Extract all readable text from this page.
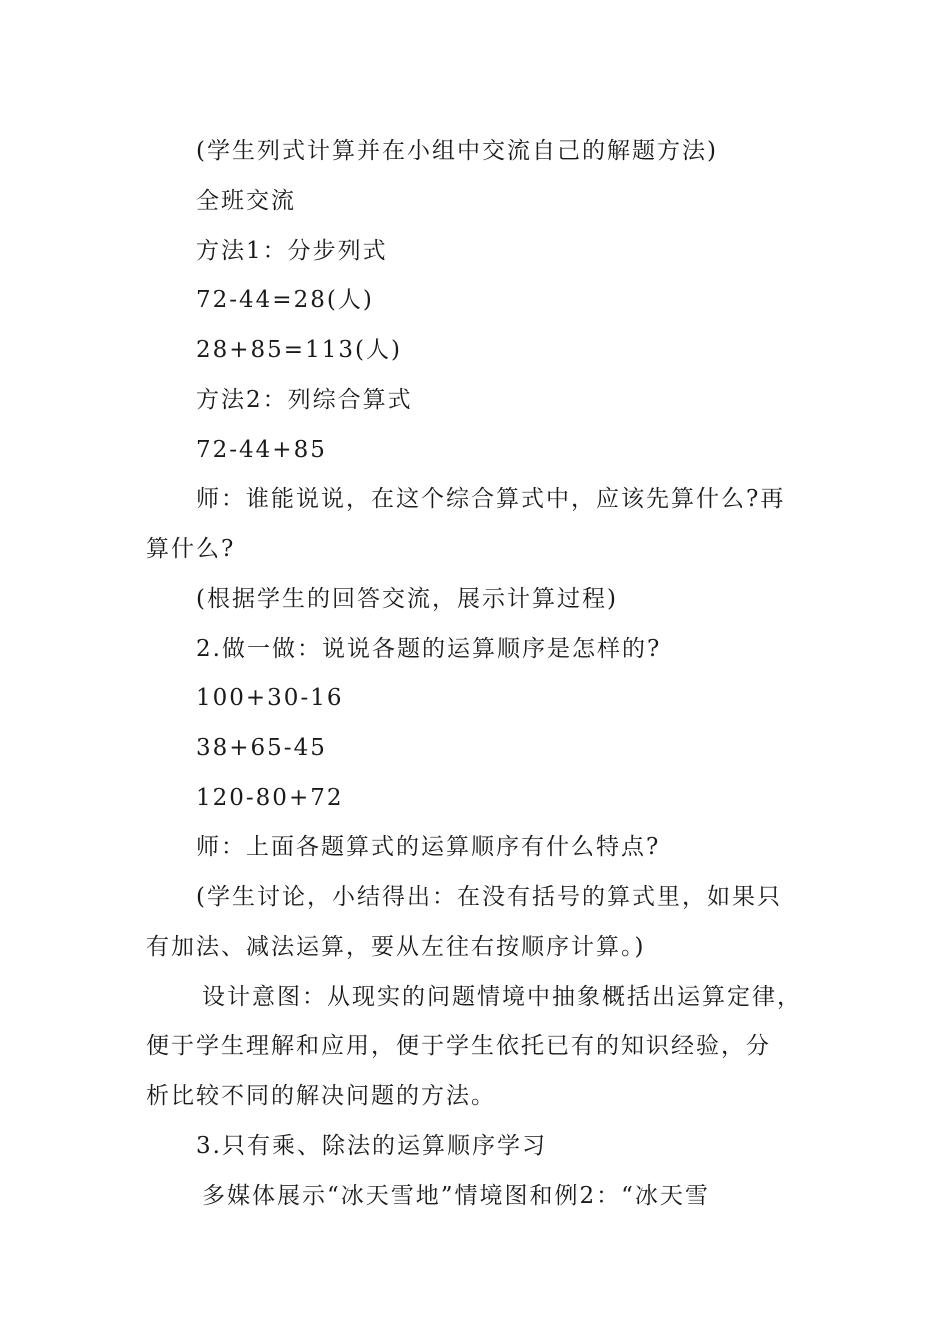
(学生列式计算并在小组中交流自己的解题方法)
全班交流
方法1：分步列式
72-44=28(人)
28+85=113(人)
方法2：列综合算式
72-44+85
师：谁能说说，在这个综合算式中，应该先算什么?再
算什么?
(根据学生的回答交流，展示计算过程)
2.做一做：说说各题的运算顺序是怎样的?
100+30-16
38+65-45
120-80+72
师：上面各题算式的运算顺序有什么特点?
(学生讨论，小结得出：在没有括号的算式里，如果只
有加法、减法运算，要从左往右按顺序计算。)
设计意图：从现实的问题情境中抽象概括出运算定律，
便于学生理解和应用，便于学生依托已有的知识经验，分
析比较不同的解决问题的方法。
3.只有乘、除法的运算顺序学习
多媒体展示“冰天雪地”情境图和例2：“冰天雪
